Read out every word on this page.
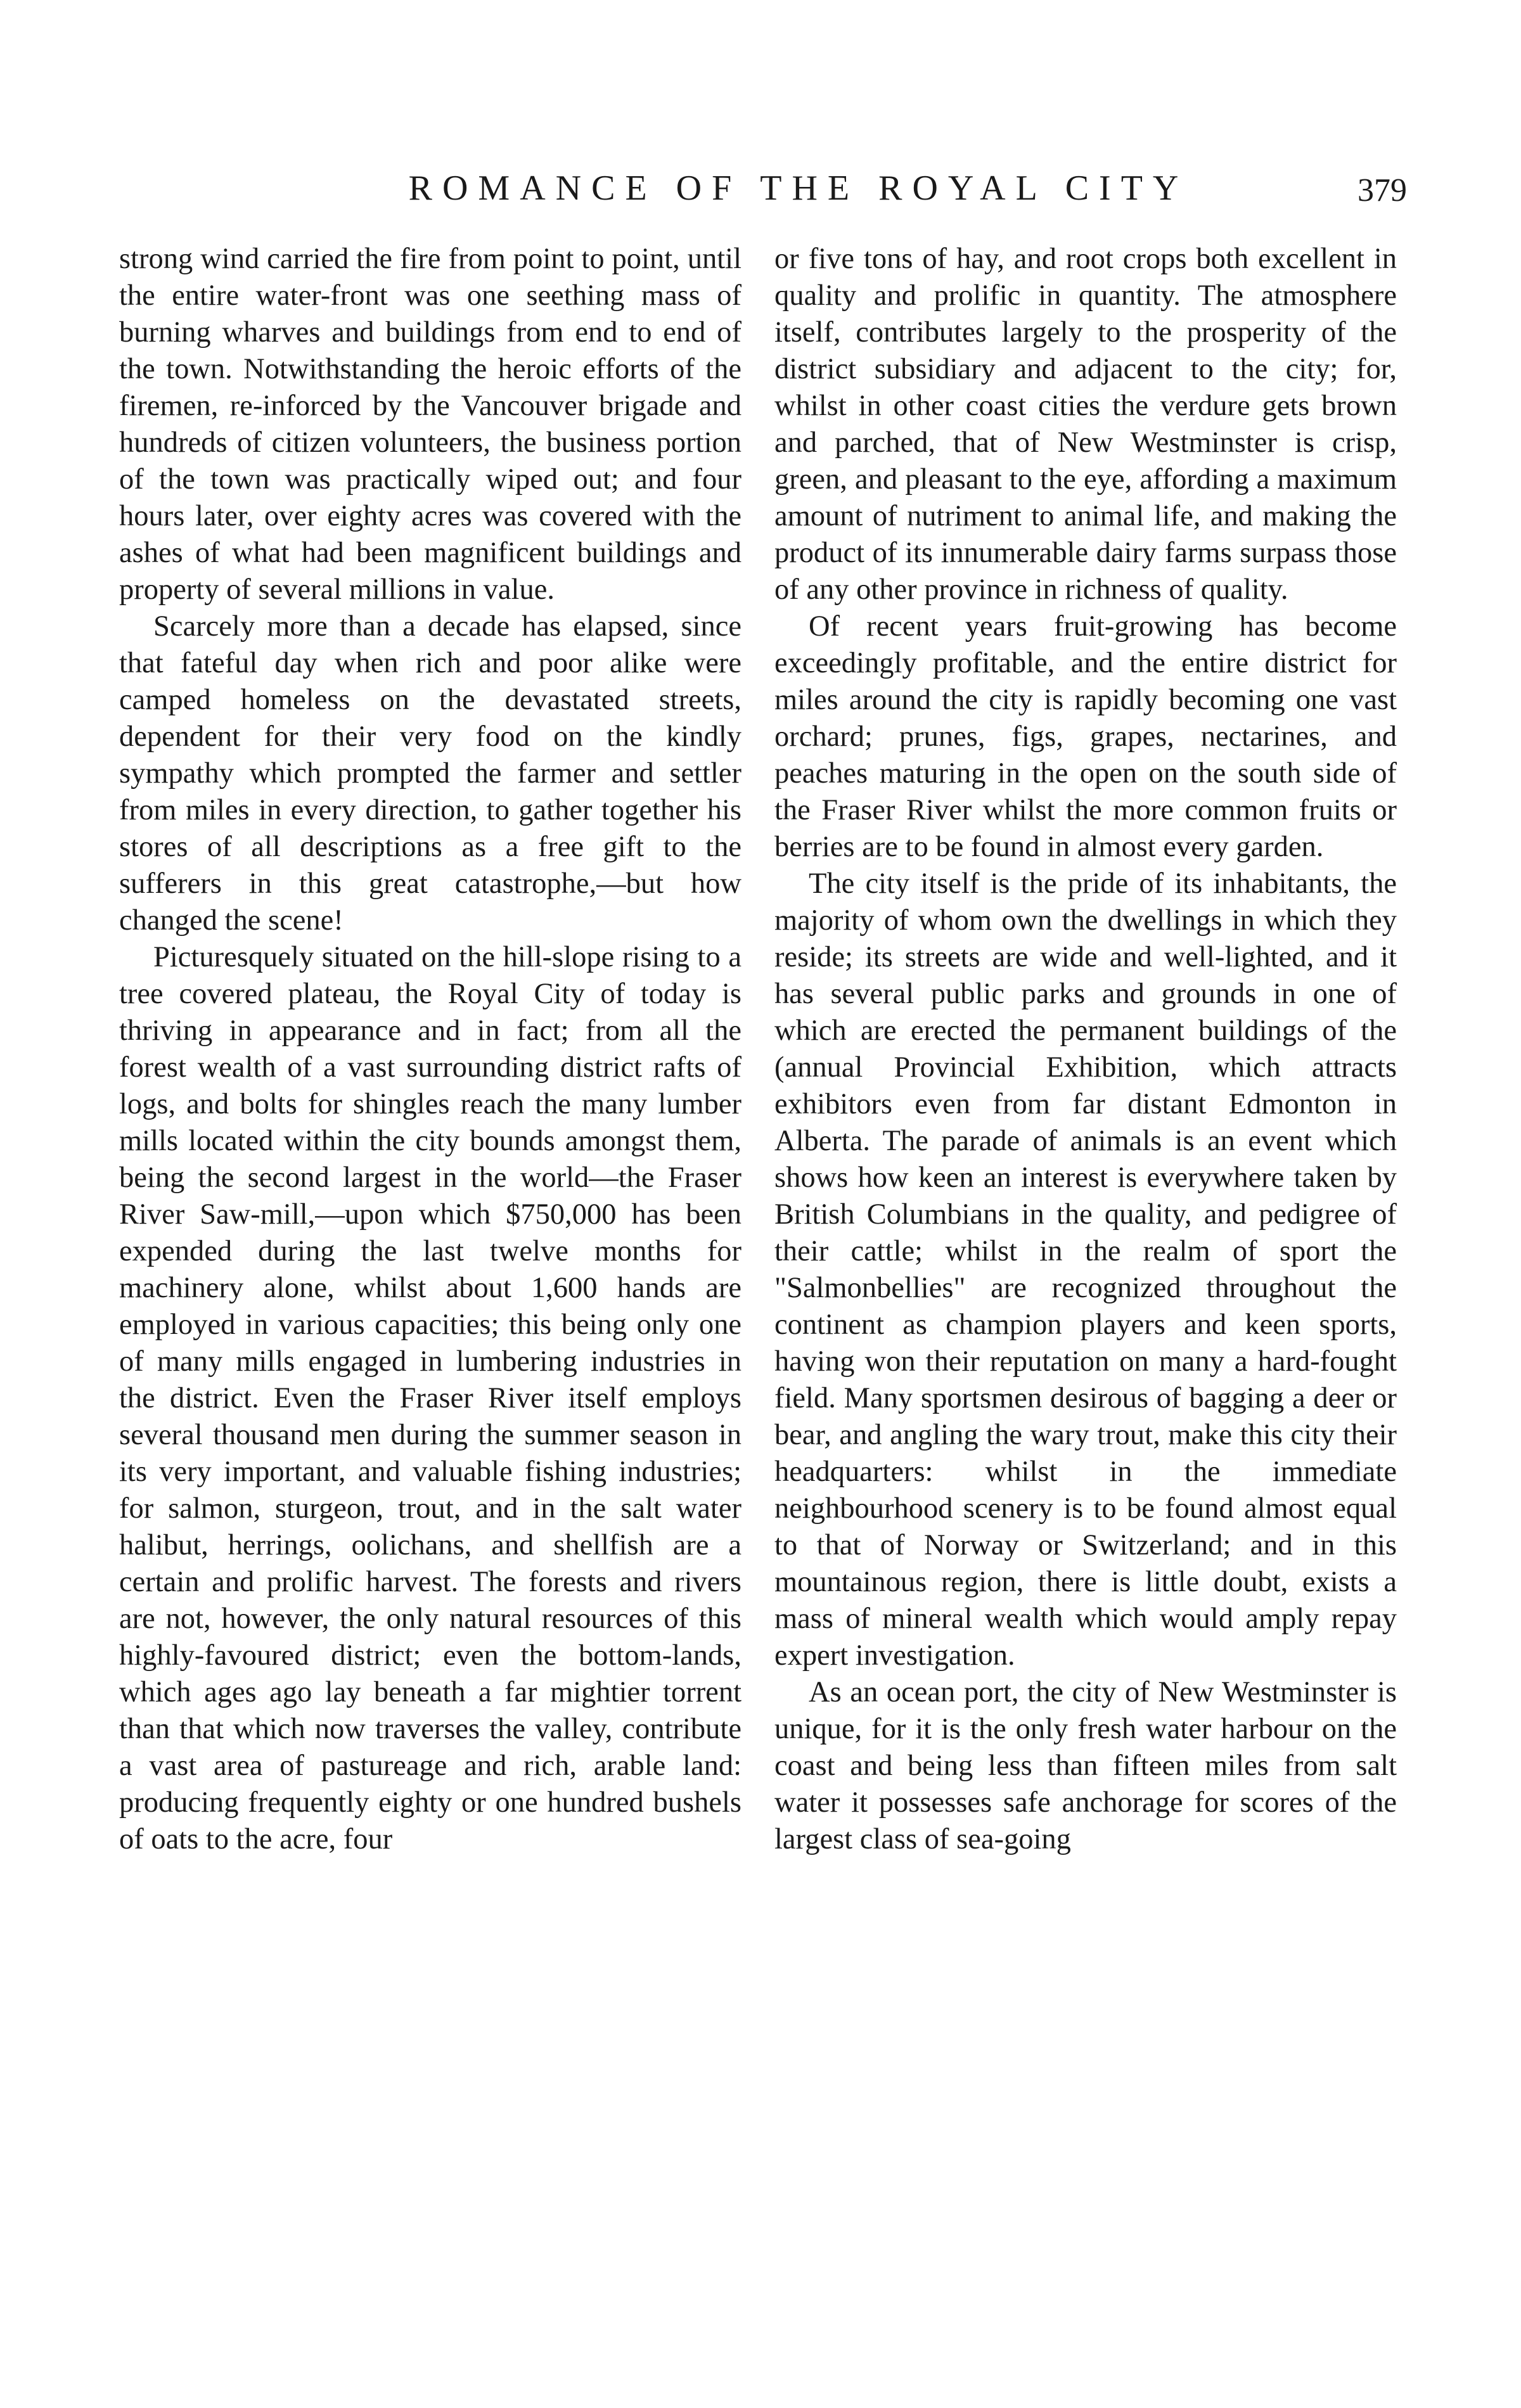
ROMANCE OF THE ROYAL CITY	379

strong wind carried the fire from point to point, until the entire water-front was one seething mass of burning wharves and buildings from end to end of the town. Notwithstanding the heroic efforts of the firemen, re-inforced by the Vancouver brigade and hundreds of citizen volunteers, the business portion of the town was practically wiped out; and four hours later, over eighty acres was covered with the ashes of what had been magnificent buildings and property of several millions in value.

Scarcely more than a decade has elapsed, since that fateful day when rich and poor alike were camped homeless on the devastated streets, dependent for their very food on the kindly sympathy which prompted the farmer and settler from miles in every direction, to gather together his stores of all descriptions as a free gift to the sufferers in this great catastrophe,—but how changed the scene!

Picturesquely situated on the hill-slope rising to a tree covered plateau, the Royal City of today is thriving in appearance and in fact; from all the forest wealth of a vast surrounding district rafts of logs, and bolts for shingles reach the many lumber mills located within the city bounds amongst them, being the second largest in the world—the Fraser River Saw-mill,—upon which $750,000 has been expended during the last twelve months for machinery alone, whilst about 1,600 hands are employed in various capacities; this being only one of many mills engaged in lumbering industries in the district. Even the Fraser River itself employs several thousand men during the summer season in its very important, and valuable fishing industries; for salmon, sturgeon, trout, and in the salt water halibut, herrings, oolichans, and shellfish are a certain and prolific harvest. The forests and rivers are not, however, the only natural resources of this highly-favoured district; even the bottom-lands, which ages ago lay beneath a far mightier torrent than that which now traverses the valley, contribute a vast area of pastureage and rich, arable land: producing frequently eighty or one hundred bushels of oats to the acre, four

or five tons of hay, and root crops both excellent in quality and prolific in quantity. The atmosphere itself, contributes largely to the prosperity of the district subsidiary and adjacent to the city; for, whilst in other coast cities the verdure gets brown and parched, that of New Westminster is crisp, green, and pleasant to the eye, affording a maximum amount of nutriment to animal life, and making the product of its innumerable dairy farms surpass those of any other province in richness of quality.

Of recent years fruit-growing has become exceedingly profitable, and the entire district for miles around the city is rapidly becoming one vast orchard; prunes, figs, grapes, nectarines, and peaches maturing in the open on the south side of the Fraser River whilst the more common fruits or berries are to be found in almost every garden.

The city itself is the pride of its inhabitants, the majority of whom own the dwellings in which they reside; its streets are wide and well-lighted, and it has several public parks and grounds in one of which are erected the permanent buildings of the (annual Provincial Exhibition, which attracts exhibitors even from far distant Edmonton in Alberta. The parade of animals is an event which shows how keen an interest is everywhere taken by British Columbians in the quality, and pedigree of their cattle; whilst in the realm of sport the "Salmonbellies" are recognized throughout the continent as champion players and keen sports, having won their reputation on many a hard-fought field. Many sportsmen desirous of bagging a deer or bear, and angling the wary trout, make this city their headquarters: whilst in the immediate neighbourhood scenery is to be found almost equal to that of Norway or Switzerland; and in this mountainous region, there is little doubt, exists a mass of mineral wealth which would amply repay expert investigation.

As an ocean port, the city of New Westminster is unique, for it is the only fresh water harbour on the coast and being less than fifteen miles from salt water it possesses safe anchorage for scores of the largest class of sea-going
